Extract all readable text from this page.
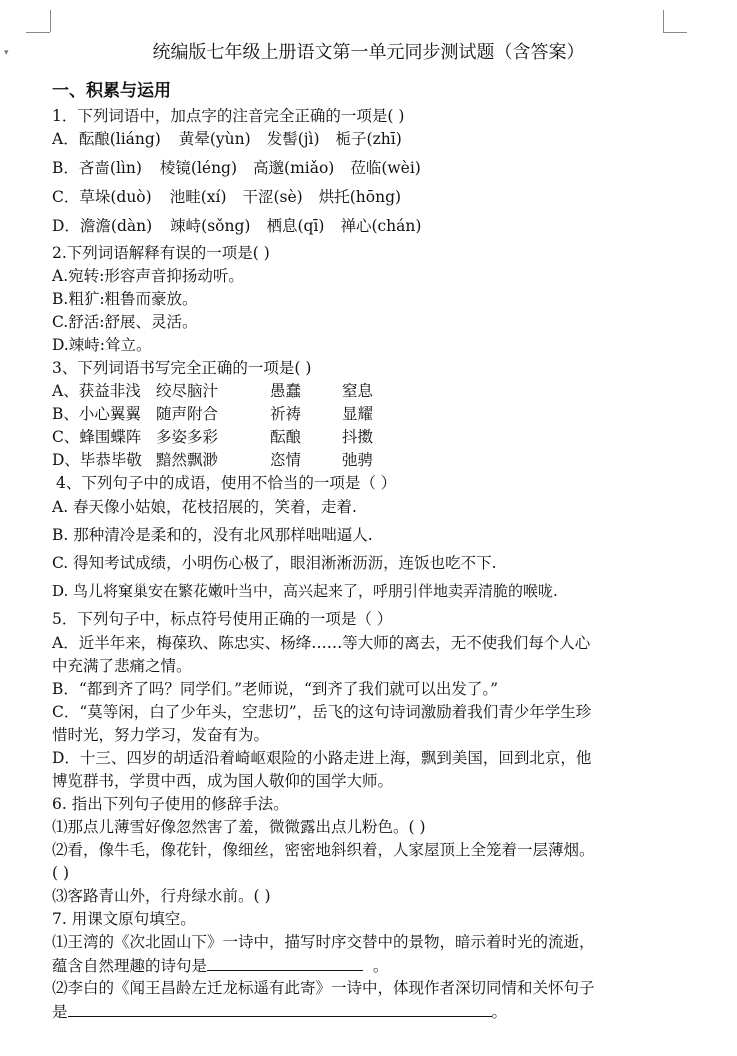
▾	统编版七年级上册语文第一单元同步测试题（含答案）
一、积累与运用
1．下列词语中，加点字的注音完全正确的一项是( )
A．酝酿(liáng) 黄晕(yùn) 发髻(jì) 栀子(zhī)
B．吝啬(lìn) 棱镜(léng) 高邈(miǎo) 莅临(wèi)
C．草垛(duò) 池畦(xí) 干涩(sè) 烘托(hōng)
D．澹澹(dàn) 竦峙(sǒng) 栖息(qī) 禅心(chán)
2.下列词语解释有误的一项是( )
A.宛转:形容声音抑扬动听。
B.粗犷:粗鲁而豪放。
C.舒活:舒展、灵活。
D.竦峙:耸立。
3、下列词语书写完全正确的一项是( )
A、获益非浅 绞尽脑汁	愚蠢	窒息
B、小心翼翼 随声附合	祈祷	显耀
C、蜂围蝶阵 多姿多彩	酝酿	抖擞
D、毕恭毕敬 黯然飘渺	恣情	弛骋
4、下列句子中的成语，使用不恰当的一项是（ ）
A. 春天像小姑娘，花枝招展的，笑着，走着.
B. 那种清冷是柔和的，没有北风那样咄咄逼人.
C. 得知考试成绩，小明伤心极了，眼泪淅淅沥沥，连饭也吃不下.
D. 鸟儿将窠巢安在繁花嫩叶当中，高兴起来了，呼朋引伴地卖弄清脆的喉咙.
5．下列句子中，标点符号使用正确的一项是（ ）
A．近半年来，梅葆玖、陈忠实、杨绛……等大师的离去，无不使我们每个人心
中充满了悲痛之情。
B．“都到齐了吗？同学们。”老师说，“到齐了我们就可以出发了。”
C．“莫等闲，白了少年头，空悲切”，岳飞的这句诗词激励着我们青少年学生珍
惜时光，努力学习，发奋有为。
D．十三、四岁的胡适沿着崎岖艰险的小路走进上海，飘到美国，回到北京，他
博览群书，学贯中西，成为国人敬仰的国学大师。
6. 指出下列句子使用的修辞手法。
⑴那点儿薄雪好像忽然害了羞，微微露出点儿粉色。( )
⑵看，像牛毛，像花针，像细丝，密密地斜织着，人家屋顶上全笼着一层薄烟。
( )
⑶客路青山外，行舟绿水前。( )
7. 用课文原句填空。
⑴王湾的《次北固山下》一诗中，描写时序交替中的景物，暗示着时光的流逝，
蕴含自然理趣的诗句是	。
⑵李白的《闻王昌龄左迁龙标遥有此寄》一诗中，体现作者深切同情和关怀句子
是	。
